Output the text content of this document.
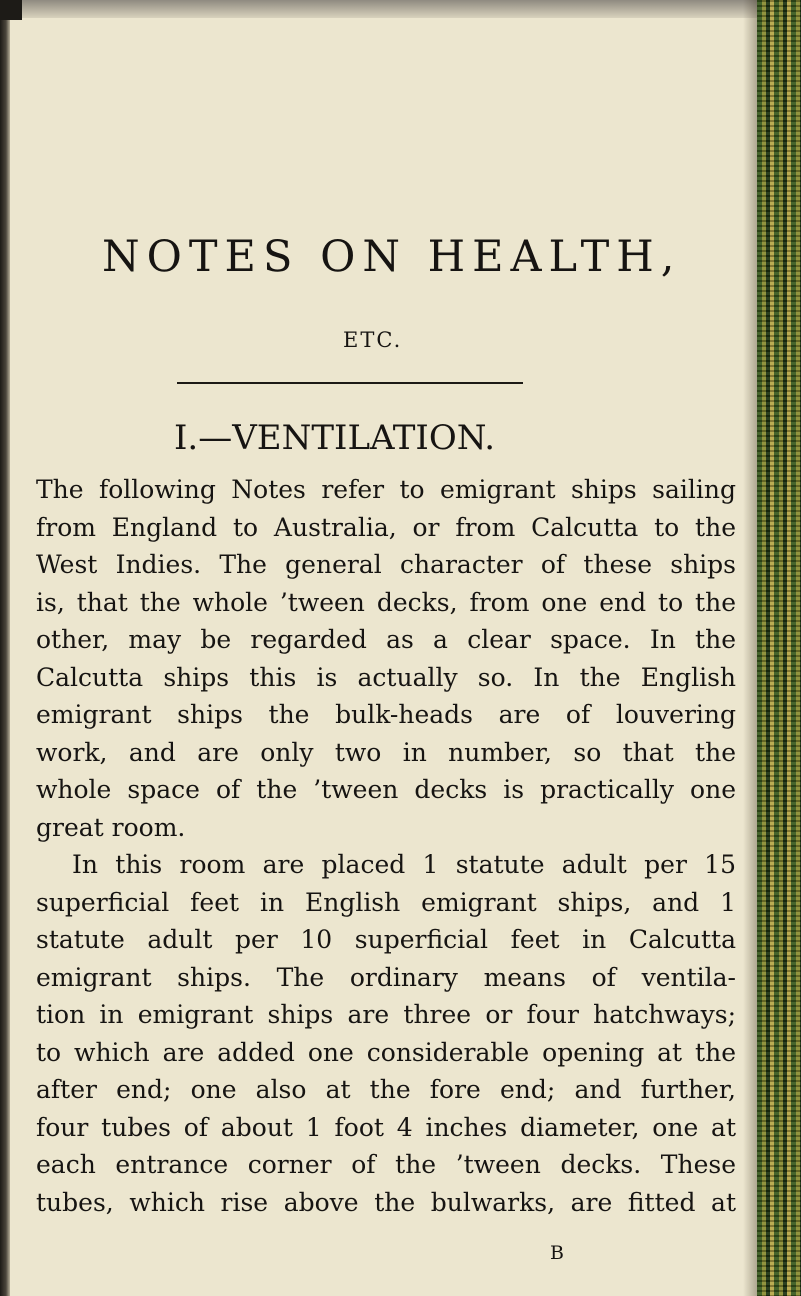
NOTES ON HEALTH,
ETC.
I.—VENTILATION.
The following Notes refer to emigrant ships sailing
from England to Australia, or from Calcutta to the
West Indies. The general character of these ships
is, that the whole ’tween decks, from one end to the
other, may be regarded as a clear space. In the
Calcutta ships this is actually so. In the English
emigrant ships the bulk-heads are of louvering
work, and are only two in number, so that the
whole space of the ’tween decks is practically one
great room.
In this room are placed 1 statute adult per 15
superficial feet in English emigrant ships, and 1
statute adult per 10 superficial feet in Calcutta
emigrant ships. The ordinary means of ventila-
tion in emigrant ships are three or four hatchways;
to which are added one considerable opening at the
after end; one also at the fore end; and further,
four tubes of about 1 foot 4 inches diameter, one at
each entrance corner of the ’tween decks. These
tubes, which rise above the bulwarks, are fitted at
B
